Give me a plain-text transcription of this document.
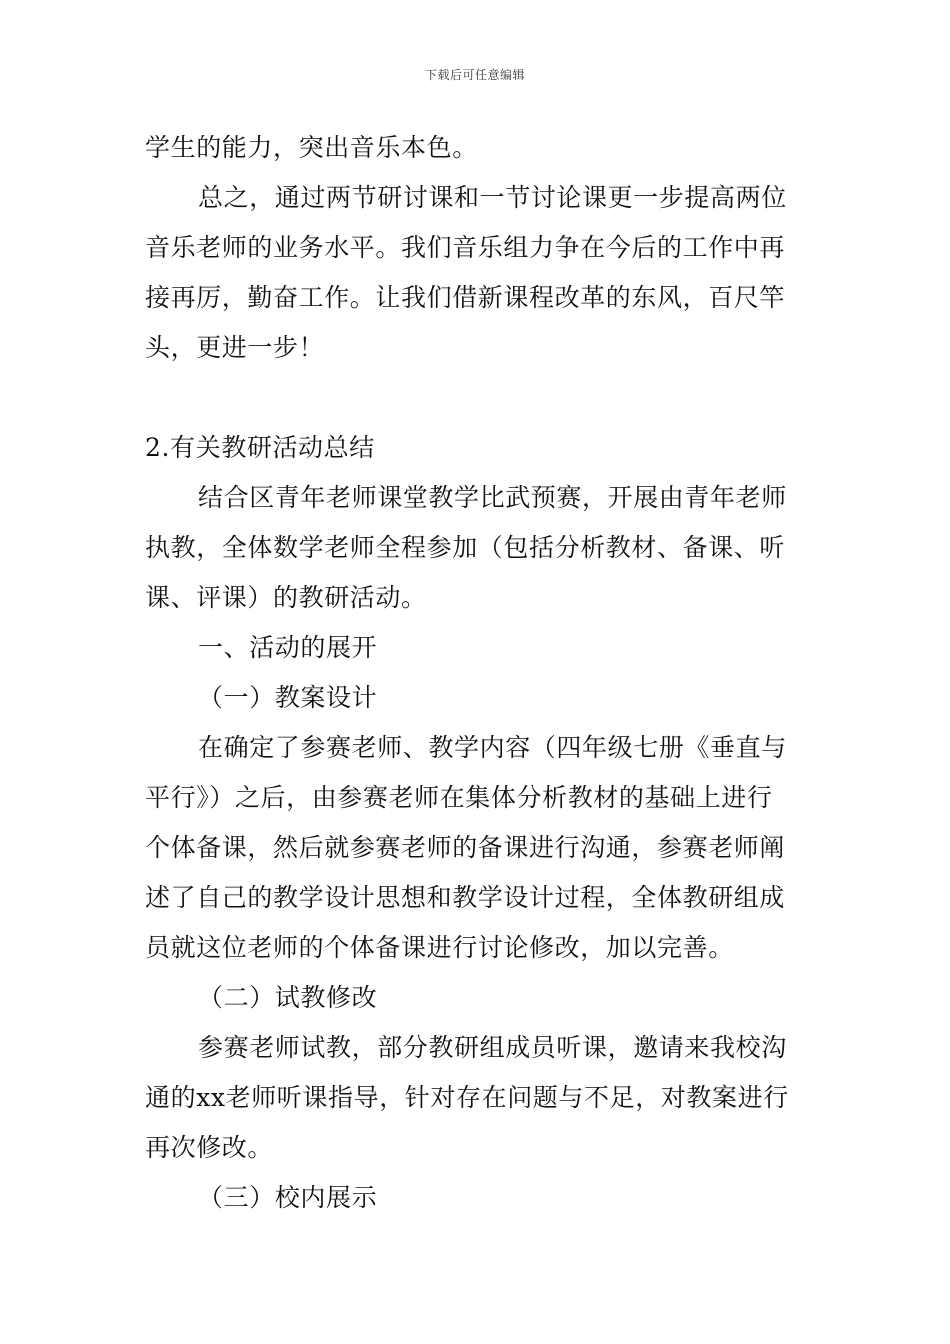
下载后可任意编辑
学生的能力，突出音乐本色。
总之，通过两节研讨课和一节讨论课更一步提高两位
音乐老师的业务水平。我们音乐组力争在今后的工作中再
接再厉，勤奋工作。让我们借新课程改革的东风，百尺竿
头，更进一步！
2.有关教研活动总结
结合区青年老师课堂教学比武预赛，开展由青年老师
执教，全体数学老师全程参加（包括分析教材、备课、听
课、评课）的教研活动。
一、活动的展开
（一）教案设计
在确定了参赛老师、教学内容（四年级七册《垂直与
平行》）之后，由参赛老师在集体分析教材的基础上进行
个体备课，然后就参赛老师的备课进行沟通，参赛老师阐
述了自己的教学设计思想和教学设计过程，全体教研组成
员就这位老师的个体备课进行讨论修改，加以完善。
（二）试教修改
参赛老师试教，部分教研组成员听课，邀请来我校沟
通的xx老师听课指导，针对存在问题与不足，对教案进行
再次修改。
（三）校内展示
